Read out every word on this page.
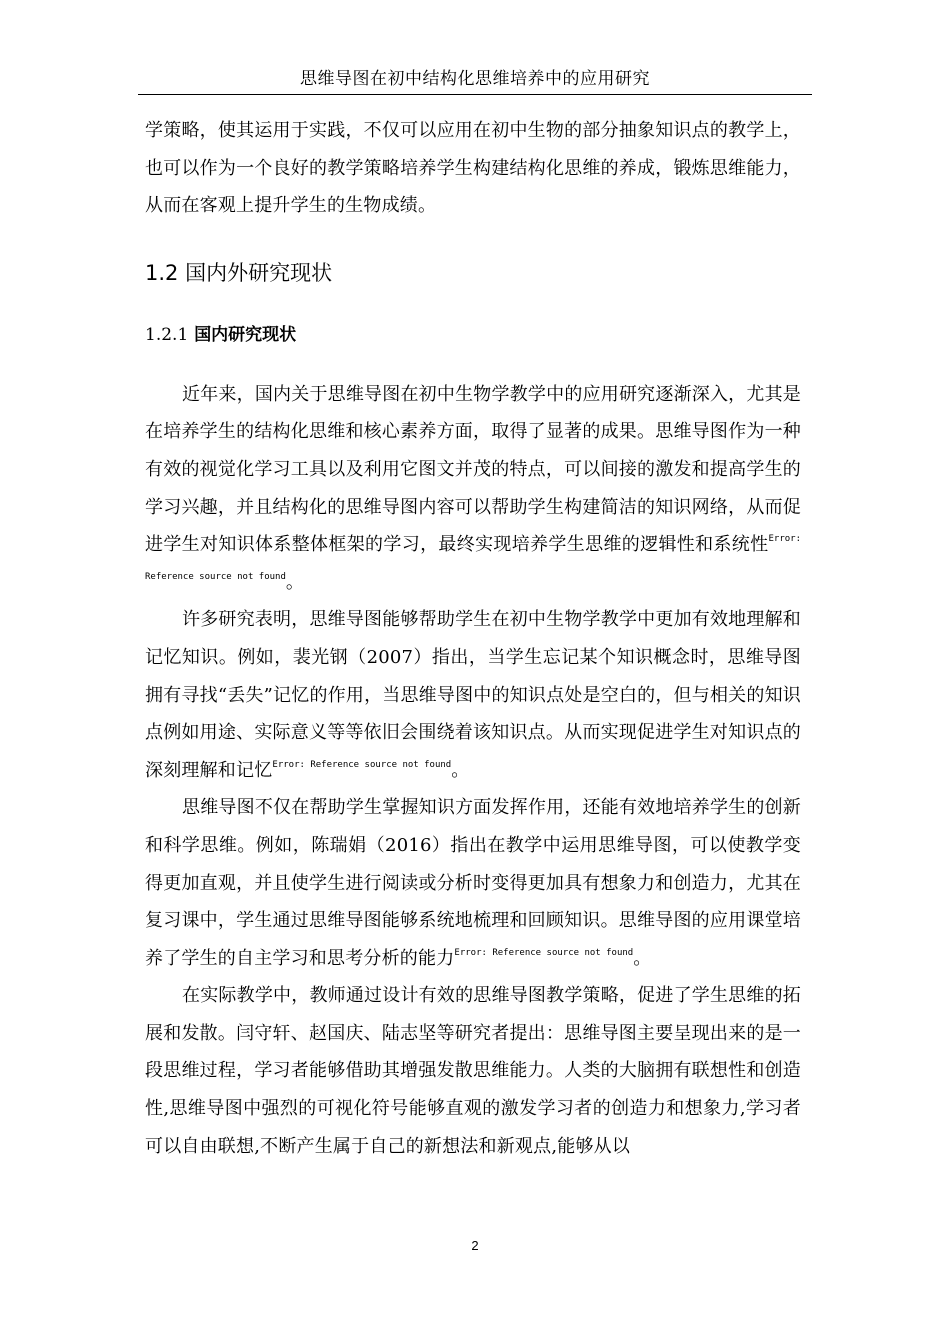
思维导图在初中结构化思维培养中的应用研究

学策略，使其运用于实践，不仅可以应用在初中生物的部分抽象知识点的教学上，也可以作为一个良好的教学策略培养学生构建结构化思维的养成，锻炼思维能力，从而在客观上提升学生的生物成绩。

1.2 国内外研究现状
1.2.1 国内研究现状

近年来，国内关于思维导图在初中生物学教学中的应用研究逐渐深入，尤其是在培养学生的结构化思维和核心素养方面，取得了显著的成果。思维导图作为一种有效的视觉化学习工具以及利用它图文并茂的特点，可以间接的激发和提高学生的学习兴趣，并且结构化的思维导图内容可以帮助学生构建简洁的知识网络，从而促进学生对知识体系整体框架的学习，最终实现培养学生思维的逻辑性和系统性$^{Error: Reference source not found}$。

许多研究表明，思维导图能够帮助学生在初中生物学教学中更加有效地理解和记忆知识。例如，裴光钢（2007）指出，当学生忘记某个知识概念时，思维导图拥有寻找“丢失”记忆的作用，当思维导图中的知识点处是空白的，但与相关的知识点例如用途、实际意义等等依旧会围绕着该知识点。从而实现促进学生对知识点的深刻理解和记忆$^{Error: Reference source not found}$。

思维导图不仅在帮助学生掌握知识方面发挥作用，还能有效地培养学生的创新和科学思维。例如，陈瑞娟（2016）指出在教学中运用思维导图，可以使教学变得更加直观，并且使学生进行阅读或分析时变得更加具有想象力和创造力，尤其在复习课中，学生通过思维导图能够系统地梳理和回顾知识。思维导图的应用课堂培养了学生的自主学习和思考分析的能力$^{Error: Reference source not found}$。

在实际教学中，教师通过设计有效的思维导图教学策略，促进了学生思维的拓展和发散。闫守轩、赵国庆、陆志坚等研究者提出：思维导图主要呈现出来的是一段思维过程，学习者能够借助其增强发散思维能力。人类的大脑拥有联想性和创造性,思维导图中强烈的可视化符号能够直观的激发学习者的创造力和想象力,学习者可以自由联想,不断产生属于自己的新想法和新观点,能够从以

2
